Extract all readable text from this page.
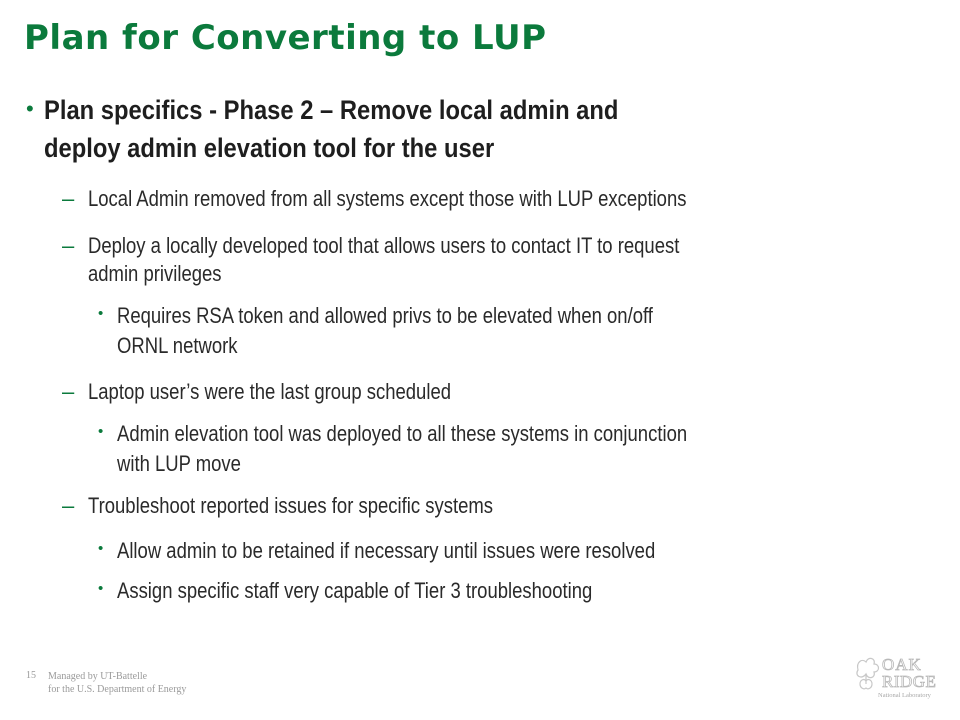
Plan for Converting to LUP
• Plan specifics - Phase 2 – Remove local admin and
deploy admin elevation tool for the user
– Local Admin removed from all systems except those with LUP exceptions
– Deploy a locally developed tool that allows users to contact IT to request
admin privileges
• Requires RSA token and allowed privs to be elevated when on/off
ORNL network
– Laptop user’s were the last group scheduled
• Admin elevation tool was deployed to all these systems in conjunction
with LUP move
– Troubleshoot reported issues for specific systems
• Allow admin to be retained if necessary until issues were resolved
• Assign specific staff very capable of Tier 3 troubleshooting
15 Managed by UT-Battelle
for the U.S. Department of Energy
OAK
RIDGE
National Laboratory
